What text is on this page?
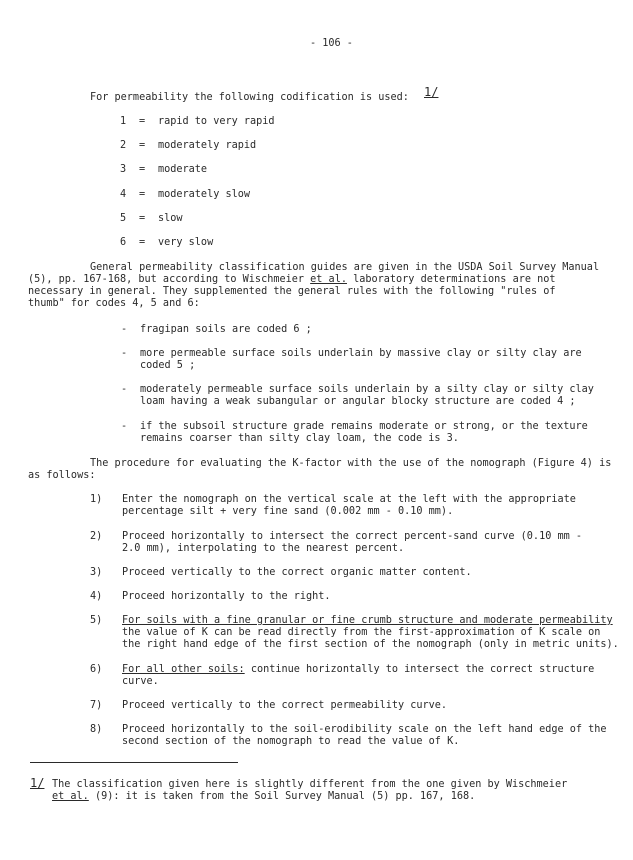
- 106 -
For permeability the following codification is used: 1/
1 = rapid to very rapid
2 = moderately rapid
3 = moderate
4 = moderately slow
5 = slow
6 = very slow
General permeability classification guides are given in the USDA Soil Survey Manual
(5), pp. 167-168, but according to Wischmeier et al. laboratory determinations are not
necessary in general. They supplemented the general rules with the following "rules of
thumb" for codes 4, 5 and 6:
- fragipan soils are coded 6 ;
- more permeable surface soils underlain by massive clay or silty clay are
coded 5 ;
- moderately permeable surface soils underlain by a silty clay or silty clay
loam having a weak subangular or angular blocky structure are coded 4 ;
- if the subsoil structure grade remains moderate or strong, or the texture
remains coarser than silty clay loam, the code is 3.
The procedure for evaluating the K-factor with the use of the nomograph (Figure 4) is
as follows:
1) Enter the nomograph on the vertical scale at the left with the appropriate
percentage silt + very fine sand (0.002 mm - 0.10 mm).
2) Proceed horizontally to intersect the correct percent-sand curve (0.10 mm -
2.0 mm), interpolating to the nearest percent.
3) Proceed vertically to the correct organic matter content.
4) Proceed horizontally to the right.
5) For soils with a fine granular or fine crumb structure and moderate permeability
the value of K can be read directly from the first-approximation of K scale on
the right hand edge of the first section of the nomograph (only in metric units).
6) For all other soils: continue horizontally to intersect the correct structure
curve.
7) Proceed vertically to the correct permeability curve.
8) Proceed horizontally to the soil-erodibility scale on the left hand edge of the
second section of the nomograph to read the value of K.
1/ The classification given here is slightly different from the one given by Wischmeier
et al. (9): it is taken from the Soil Survey Manual (5) pp. 167, 168.
